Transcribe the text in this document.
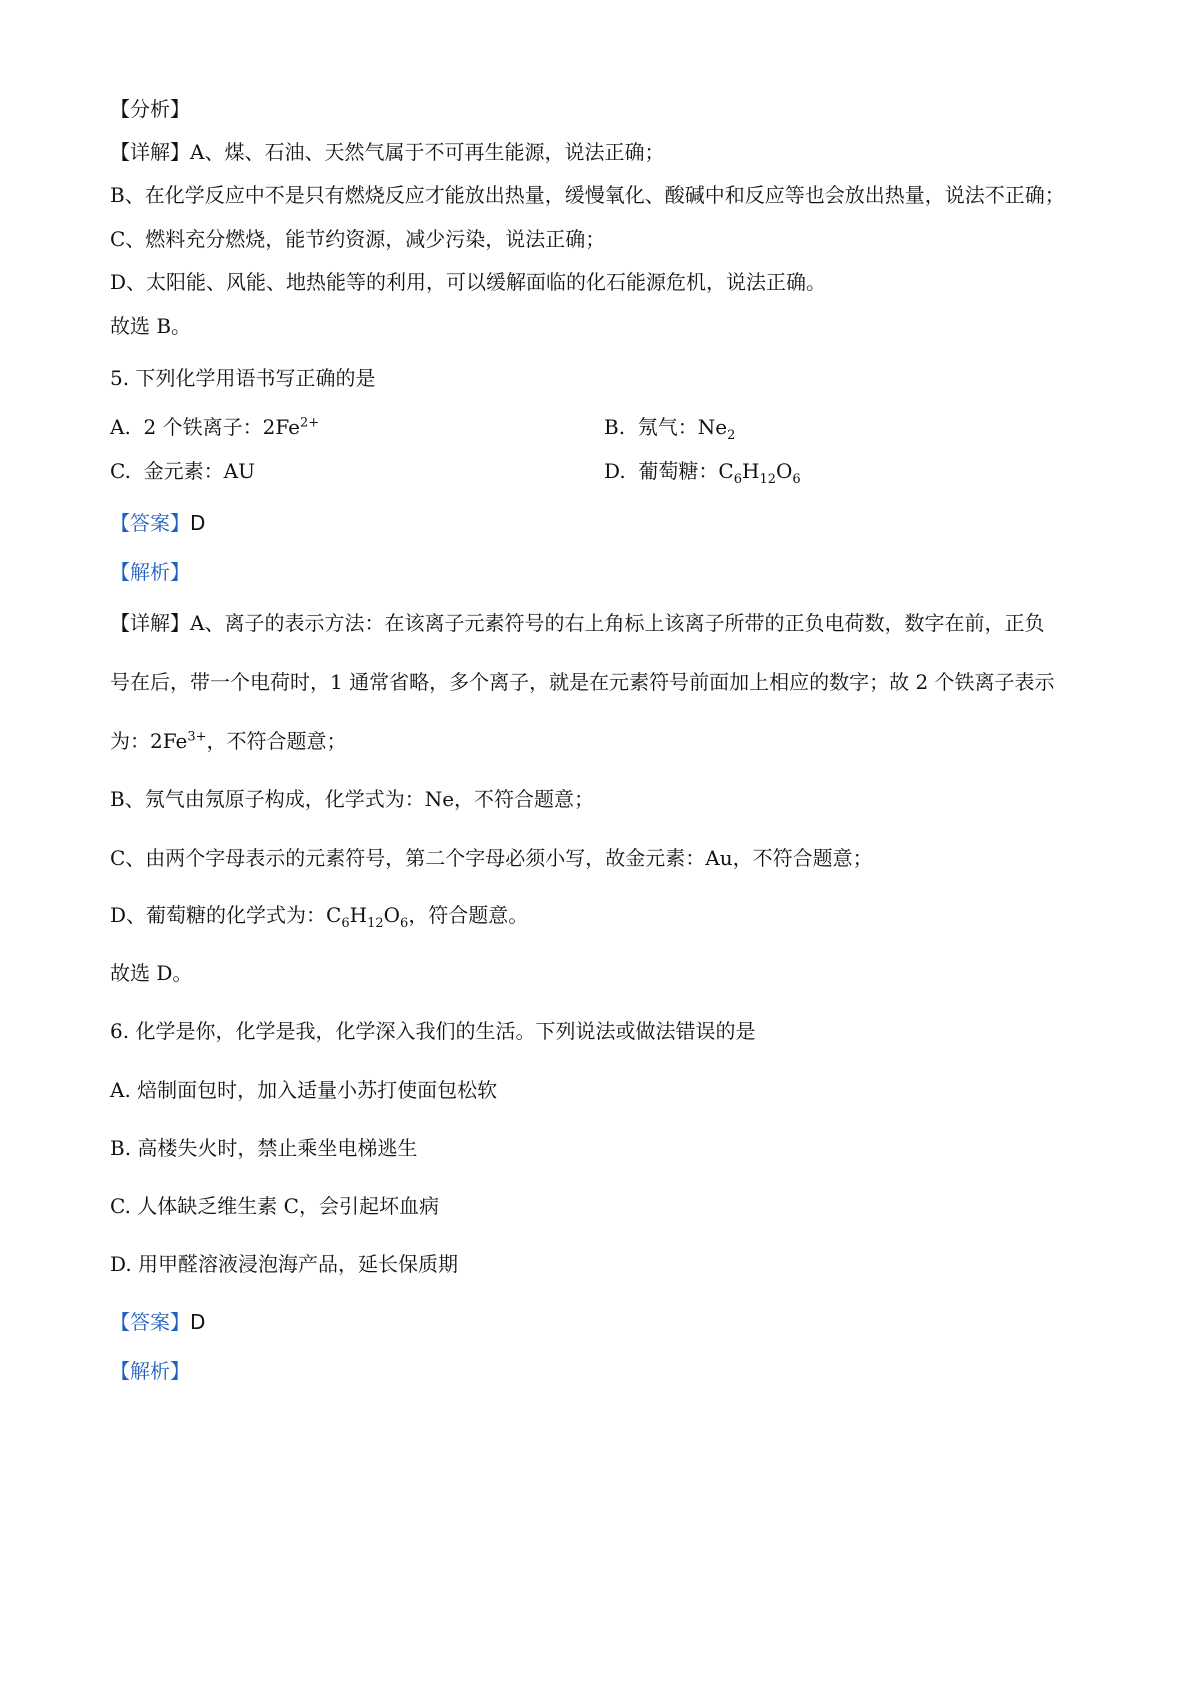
【分析】
【详解】A、煤、石油、天然气属于不可再生能源，说法正确；
B、在化学反应中不是只有燃烧反应才能放出热量，缓慢氧化、酸碱中和反应等也会放出热量，说法不正确；
C、燃料充分燃烧，能节约资源，减少污染，说法正确；
D、太阳能、风能、地热能等的利用，可以缓解面临的化石能源危机，说法正确。
故选 B。
5. 下列化学用语书写正确的是
A. 2 个铁离子：$2Fe^{2+}$	B. 氖气：$Ne_2$
C. 金元素：AU	D. 葡萄糖：$C_6H_{12}O_6$
【答案】D
【解析】
【详解】A、离子的表示方法：在该离子元素符号的右上角标上该离子所带的正负电荷数，数字在前，正负
号在后，带一个电荷时，1 通常省略，多个离子，就是在元素符号前面加上相应的数字；故 2 个铁离子表示
为：$2Fe^{3+}$，不符合题意；
B、氖气由氖原子构成，化学式为：Ne，不符合题意；
C、由两个字母表示的元素符号，第二个字母必须小写，故金元素：Au，不符合题意；
D、葡萄糖的化学式为：$C_6H_{12}O_6$，符合题意。
故选 D。
6. 化学是你，化学是我，化学深入我们的生活。下列说法或做法错误的是
A. 焙制面包时，加入适量小苏打使面包松软
B. 高楼失火时，禁止乘坐电梯逃生
C. 人体缺乏维生素 C，会引起坏血病
D. 用甲醛溶液浸泡海产品，延长保质期
【答案】D
【解析】
